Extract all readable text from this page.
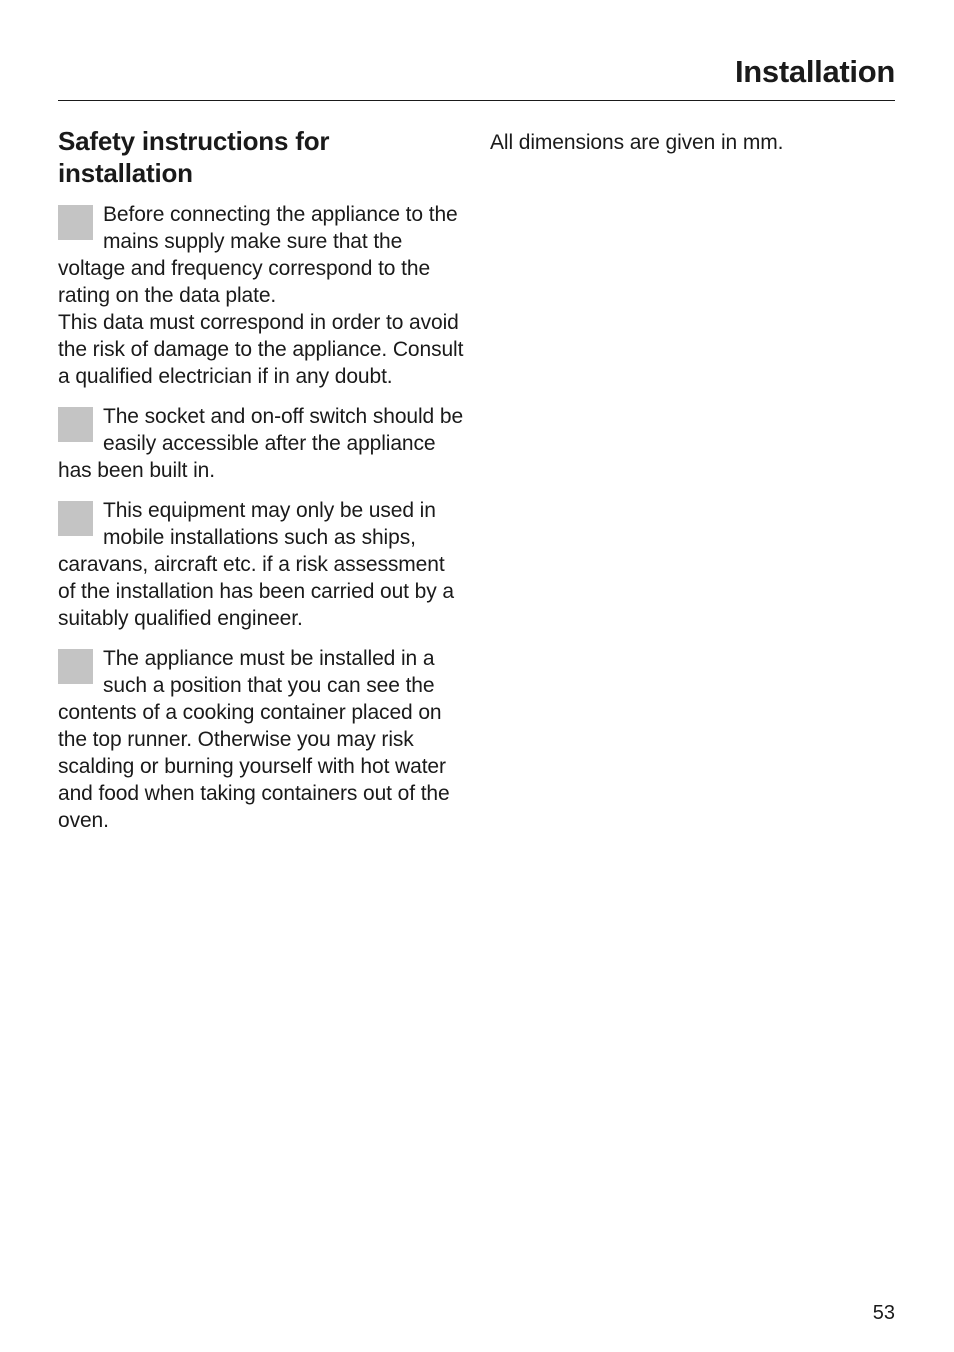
Installation
Safety instructions for installation

Before connecting the appliance to the mains supply make sure that the voltage and frequency correspond to the rating on the data plate.
This data must correspond in order to avoid the risk of damage to the appliance. Consult a qualified electrician if in any doubt.

The socket and on-off switch should be easily accessible after the appliance has been built in.

This equipment may only be used in mobile installations such as ships, caravans, aircraft etc. if a risk assessment of the installation has been carried out by a suitably qualified engineer.

The appliance must be installed in a such a position that you can see the contents of a cooking container placed on the top runner. Otherwise you may risk scalding or burning yourself with hot water and food when taking containers out of the oven.

All dimensions are given in mm.

53
